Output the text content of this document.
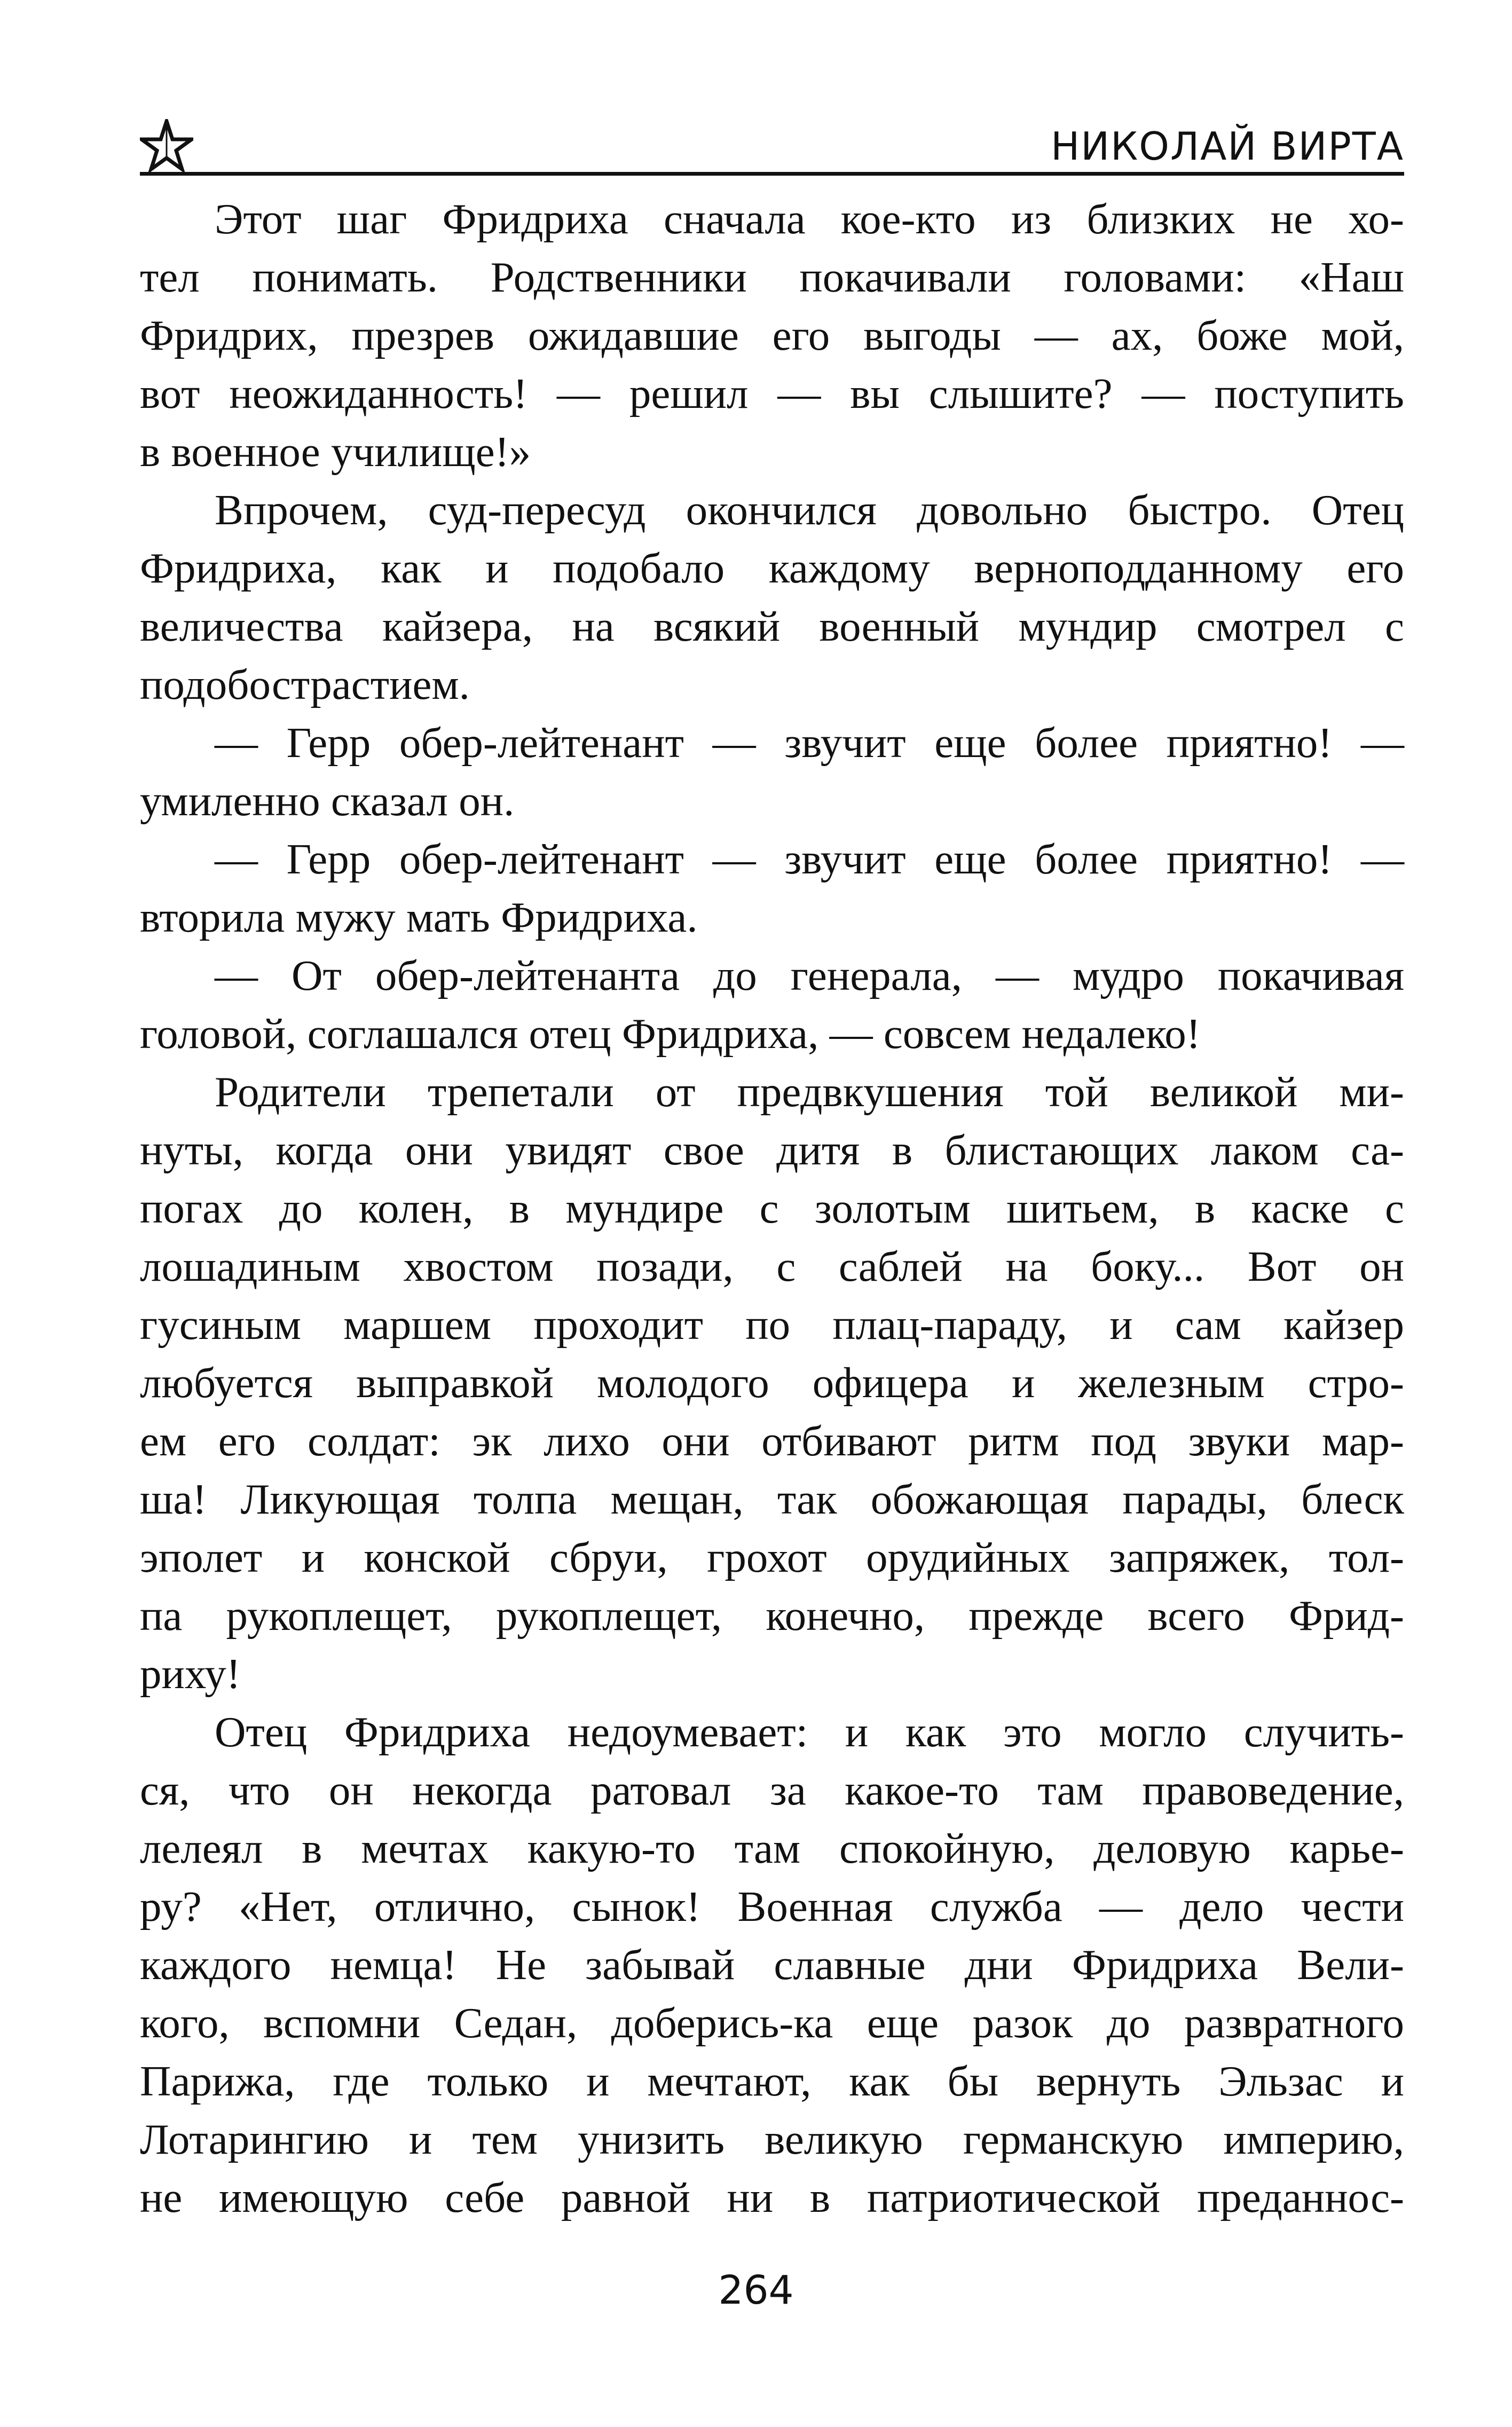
НИКОЛАЙ ВИРТА
Этот шаг Фридриха сначала кое-кто из близких не хо-
тел понимать. Родственники покачивали головами: «Наш
Фридрих, презрев ожидавшие его выгоды — ах, боже мой,
вот неожиданность! — решил — вы слышите? — поступить
в военное училище!»
Впрочем, суд-пересуд окончился довольно быстро. Отец
Фридриха, как и подобало каждому верноподданному его
величества кайзера, на всякий военный мундир смотрел с
подобострастием.
— Герр обер-лейтенант — звучит еще более приятно! —
умиленно сказал он.
— Герр обер-лейтенант — звучит еще более приятно! —
вторила мужу мать Фридриха.
— От обер-лейтенанта до генерала, — мудро покачивая
головой, соглашался отец Фридриха, — совсем недалеко!
Родители трепетали от предвкушения той великой ми-
нуты, когда они увидят свое дитя в блистающих лаком са-
погах до колен, в мундире с золотым шитьем, в каске с
лошадиным хвостом позади, с саблей на боку... Вот он
гусиным маршем проходит по плац-параду, и сам кайзер
любуется выправкой молодого офицера и железным стро-
ем его солдат: эк лихо они отбивают ритм под звуки мар-
ша! Ликующая толпа мещан, так обожающая парады, блеск
эполет и конской сбруи, грохот орудийных запряжек, тол-
па рукоплещет, рукоплещет, конечно, прежде всего Фрид-
риху!
Отец Фридриха недоумевает: и как это могло случить-
ся, что он некогда ратовал за какое-то там правоведение,
лелеял в мечтах какую-то там спокойную, деловую карье-
ру? «Нет, отлично, сынок! Военная служба — дело чести
каждого немца! Не забывай славные дни Фридриха Вели-
кого, вспомни Седан, доберись-ка еще разок до развратного
Парижа, где только и мечтают, как бы вернуть Эльзас и
Лотарингию и тем унизить великую германскую империю,
не имеющую себе равной ни в патриотической преданнос-
264
